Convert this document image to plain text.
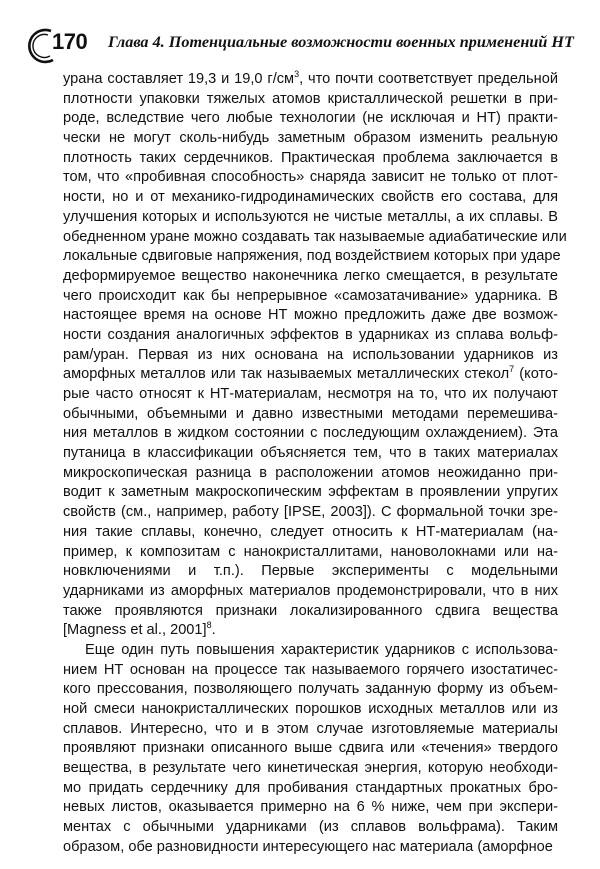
170 Глава 4. Потенциальные возможности военных применений НТ
урана составляет 19,3 и 19,0 $г/см^3$, что почти соответствует предельной
плотности упаковки тяжелых атомов кристаллической решетки в при-
роде, вследствие чего любые технологии (не исключая и НТ) практи-
чески не могут сколь-нибудь заметным образом изменить реальную
плотность таких сердечников. Практическая проблема заключается в
том, что «пробивная способность» снаряда зависит не только от плот-
ности, но и от механико-гидродинамических свойств его состава, для
улучшения которых и используются не чистые металлы, а их сплавы. В
обедненном уране можно создавать так называемые адиабатические или
локальные сдвиговые напряжения, под воздействием которых при ударе
деформируемое вещество наконечника легко смещается, в результате
чего происходит как бы непрерывное «самозатачивание» ударника. В
настоящее время на основе НТ можно предложить даже две возмож-
ности создания аналогичных эффектов в ударниках из сплава вольф-
рам/уран. Первая из них основана на использовании ударников из
аморфных металлов или так называемых металлических стекол$^7$ (кото-
рые часто относят к НТ-материалам, несмотря на то, что их получают
обычными, объемными и давно известными методами перемешива-
ния металлов в жидком состоянии с последующим охлаждением). Эта
путаница в классификации объясняется тем, что в таких материалах
микроскопическая разница в расположении атомов неожиданно при-
водит к заметным макроскопическим эффектам в проявлении упругих
свойств (см., например, работу [IPSE, 2003]). С формальной точки зре-
ния такие сплавы, конечно, следует относить к НТ-материалам (на-
пример, к композитам с нанокристаллитами, нановолокнами или на-
новключениями и т.п.). Первые эксперименты с модельными
ударниками из аморфных материалов продемонстрировали, что в них
также проявляются признаки локализированного сдвига вещества
[Magness et al., 2001]$^8$.
Еще один путь повышения характеристик ударников с использова-
нием НТ основан на процессе так называемого горячего изостатичес-
кого прессования, позволяющего получать заданную форму из объем-
ной смеси нанокристаллических порошков исходных металлов или из
сплавов. Интересно, что и в этом случае изготовляемые материалы
проявляют признаки описанного выше сдвига или «течения» твердого
вещества, в результате чего кинетическая энергия, которую необходи-
мо придать сердечнику для пробивания стандартных прокатных бро-
невых листов, оказывается примерно на 6 % ниже, чем при экспери-
ментах с обычными ударниками (из сплавов вольфрама). Таким
образом, обе разновидности интересующего нас материала (аморфное
